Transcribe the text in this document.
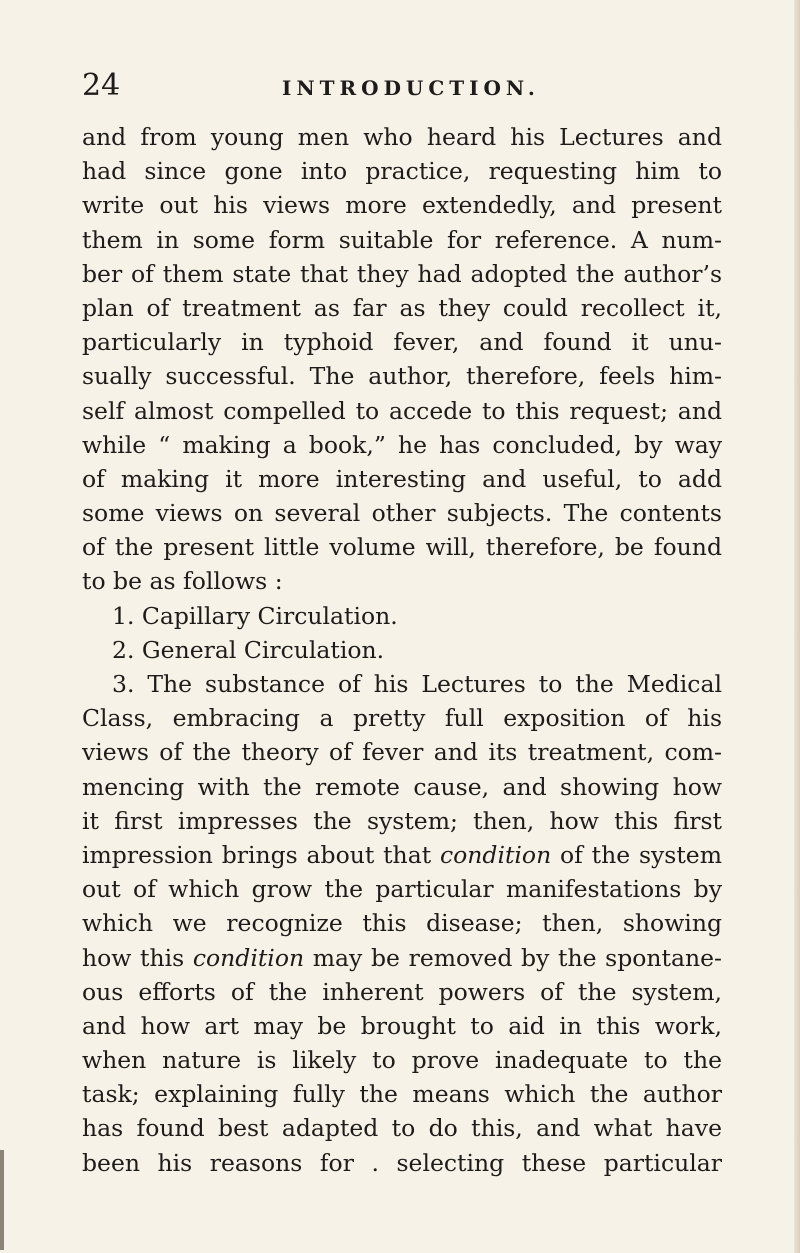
24	INTRODUCTION.
and from young men who heard his Lectures and
had since gone into practice, requesting him to
write out his views more extendedly, and present
them in some form suitable for reference. A num-
ber of them state that they had adopted the author’s
plan of treatment as far as they could recollect it,
particularly in typhoid fever, and found it unu-
sually successful. The author, therefore, feels him-
self almost compelled to accede to this request; and
while “ making a book,” he has concluded, by way
of making it more interesting and useful, to add
some views on several other subjects. The contents
of the present little volume will, therefore, be found
to be as follows :
1. Capillary Circulation.
2. General Circulation.
3. The substance of his Lectures to the Medical
Class, embracing a pretty full exposition of his
views of the theory of fever and its treatment, com-
mencing with the remote cause, and showing how
it first impresses the system; then, how this first
impression brings about that condition of the system
out of which grow the particular manifestations by
which we recognize this disease; then, showing
how this condition may be removed by the spontane-
ous efforts of the inherent powers of the system,
and how art may be brought to aid in this work,
when nature is likely to prove inadequate to the
task; explaining fully the means which the author
has found best adapted to do this, and what have
been his reasons for . selecting these particular
